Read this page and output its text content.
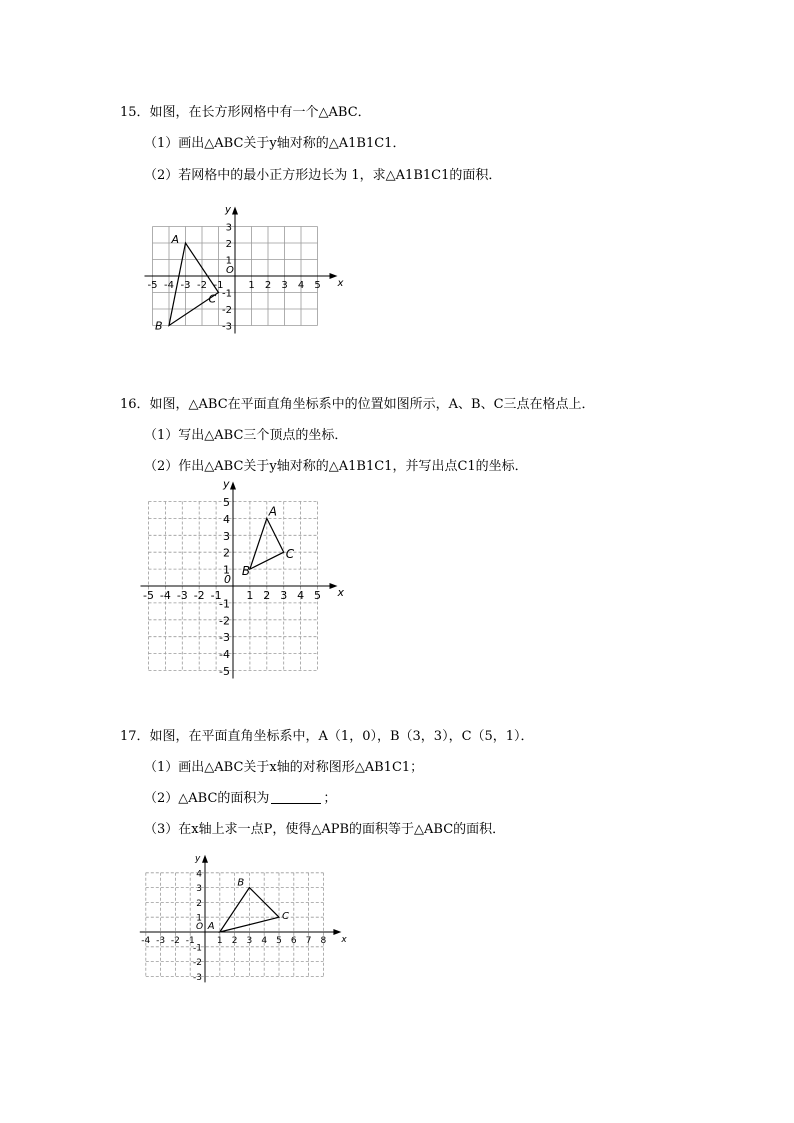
15．如图，在长方形网格中有一个△ABC．
（1）画出△ABC关于y轴对称的△A1B1C1．
（2）若网格中的最小正方形边长为 1，求△A1B1C1的面积．
x
y
O
-5 -4 -3 -2 -1 1 2 3 4 5
3
2
1
-1
-2
-3
A
B
C
16．如图，△ABC在平面直角坐标系中的位置如图所示，A、B、C三点在格点上．
（1）写出△ABC三个顶点的坐标．
（2）作出△ABC关于y轴对称的△A1B1C1，并写出点C1的坐标．
x
y
0
-5 -4 -3 -2 -1 1 2 3 4 5
5
4
3
2
1
-1
-2
-3
-4
-5
A
B
C
17．如图，在平面直角坐标系中，A（1，0），B（3，3），C（5，1）．
（1）画出△ABC关于x轴的对称图形△AB1C1；
（2）△ABC的面积为	；
（3）在x轴上求一点P，使得△APB的面积等于△ABC的面积．
x
y
O
-4 -3 -2 -1 1 2 3 4 5 6 7 8
4
3
2
1
-1
-2
-3
A
B
C
